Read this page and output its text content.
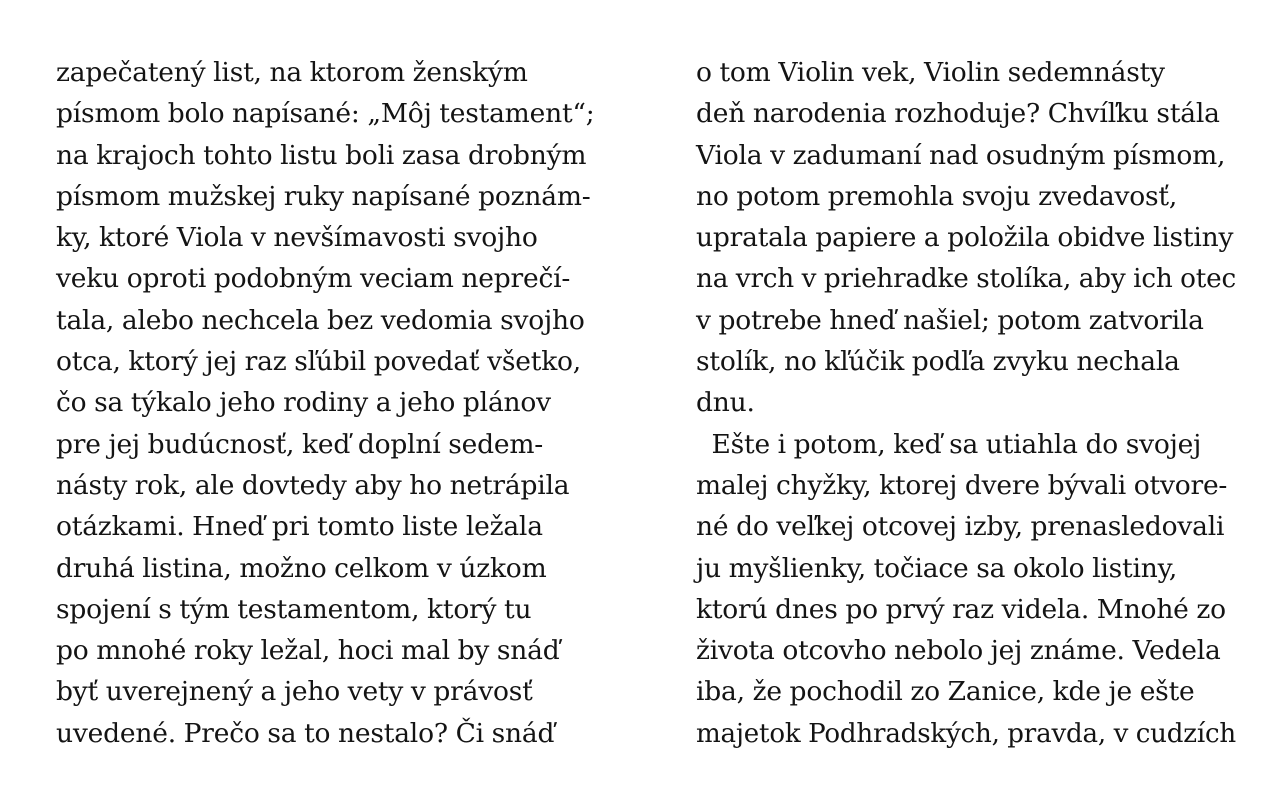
zapečatený list, na ktorom ženským
písmom bolo napísané: „Môj testament“;
na krajoch tohto listu boli zasa drobným
písmom mužskej ruky napísané poznám-
ky, ktoré Viola v nevšímavosti svojho
veku oproti podobným veciam neprečí-
tala, alebo nechcela bez vedomia svojho
otca, ktorý jej raz sľúbil povedať všetko,
čo sa týkalo jeho rodiny a jeho plánov
pre jej budúcnosť, keď doplní sedem-
násty rok, ale dovtedy aby ho netrápila
otázkami. Hneď pri tomto liste ležala
druhá listina, možno celkom v úzkom
spojení s tým testamentom, ktorý tu
po mnohé roky ležal, hoci mal by snáď
byť uverejnený a jeho vety v právosť
uvedené. Prečo sa to nestalo? Či snáď
o tom Violin vek, Violin sedemnásty
deň narodenia rozhoduje? Chvíľku stála
Viola v zadumaní nad osudným písmom,
no potom premohla svoju zvedavosť,
upratala papiere a položila obidve listiny
na vrch v priehradke stolíka, aby ich otec
v potrebe hneď našiel; potom zatvorila
stolík, no kľúčik podľa zvyku nechala
dnu.
Ešte i potom, keď sa utiahla do svojej
malej chyžky, ktorej dvere bývali otvore-
né do veľkej otcovej izby, prenasledovali
ju myšlienky, točiace sa okolo listiny,
ktorú dnes po prvý raz videla. Mnohé zo
života otcovho nebolo jej známe. Vedela
iba, že pochodil zo Zanice, kde je ešte
majetok Podhradských, pravda, v cudzích
